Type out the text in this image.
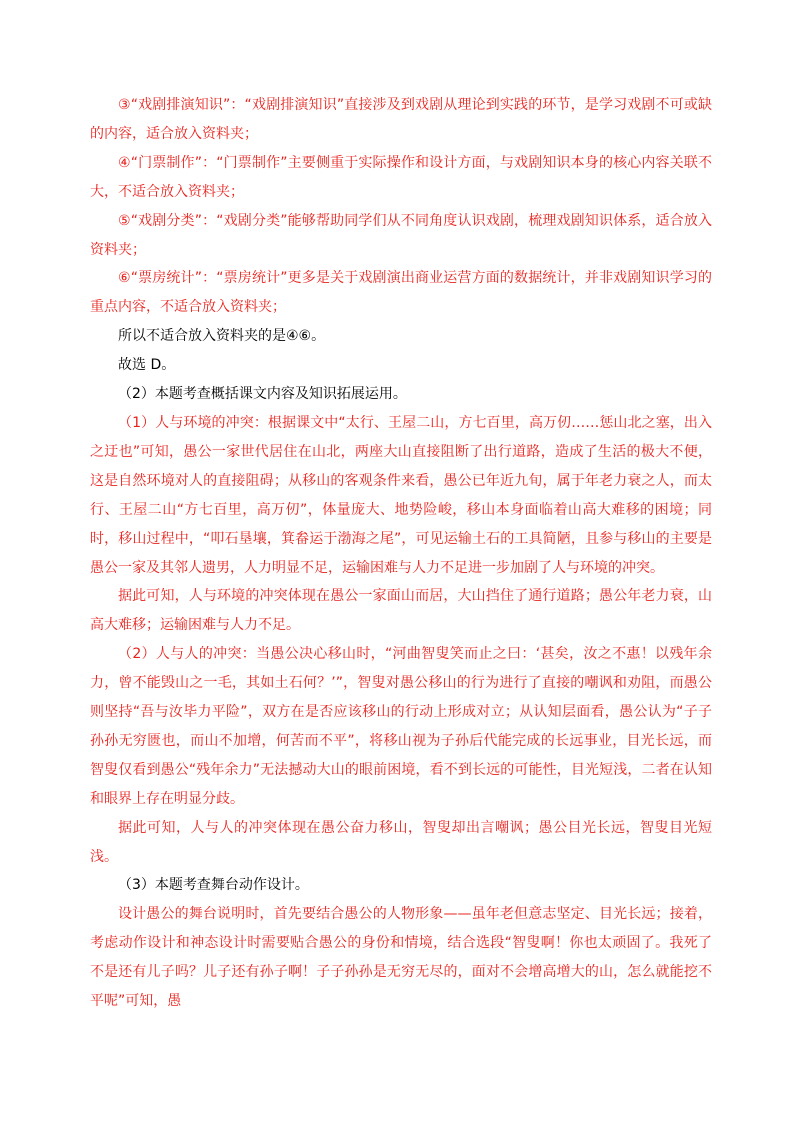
③“戏剧排演知识”：“戏剧排演知识”直接涉及到戏剧从理论到实践的环节，是学习戏剧不可或缺的内容，适合放入资料夹；

④“门票制作”：“门票制作”主要侧重于实际操作和设计方面，与戏剧知识本身的核心内容关联不大，不适合放入资料夹；

⑤“戏剧分类”：“戏剧分类”能够帮助同学们从不同角度认识戏剧，梳理戏剧知识体系，适合放入资料夹；

⑥“票房统计”：“票房统计”更多是关于戏剧演出商业运营方面的数据统计，并非戏剧知识学习的重点内容，不适合放入资料夹；

所以不适合放入资料夹的是④⑥。

故选 D。

（2）本题考查概括课文内容及知识拓展运用。

（1）人与环境的冲突：根据课文中“太行、王屋二山，方七百里，高万仞……惩山北之塞，出入之迂也”可知，愚公一家世代居住在山北，两座大山直接阻断了出行道路，造成了生活的极大不便，这是自然环境对人的直接阻碍；从移山的客观条件来看，愚公已年近九旬，属于年老力衰之人，而太行、王屋二山“方七百里，高万仞”，体量庞大、地势险峻，移山本身面临着山高大难移的困境；同时，移山过程中，“叩石垦壤，箕畚运于渤海之尾”，可见运输土石的工具简陋，且参与移山的主要是愚公一家及其邻人遗男，人力明显不足，运输困难与人力不足进一步加剧了人与环境的冲突。

据此可知，人与环境的冲突体现在愚公一家面山而居，大山挡住了通行道路；愚公年老力衰，山高大难移；运输困难与人力不足。

（2）人与人的冲突：当愚公决心移山时，“河曲智叟笑而止之曰：‘甚矣，汝之不惠！以残年余力，曾不能毁山之一毛，其如土石何？’”，智叟对愚公移山的行为进行了直接的嘲讽和劝阻，而愚公则坚持“吾与汝毕力平险”，双方在是否应该移山的行动上形成对立；从认知层面看，愚公认为“子子孙孙无穷匮也，而山不加增，何苦而不平”，将移山视为子孙后代能完成的长远事业，目光长远，而智叟仅看到愚公“残年余力”无法撼动大山的眼前困境，看不到长远的可能性，目光短浅，二者在认知和眼界上存在明显分歧。

据此可知，人与人的冲突体现在愚公奋力移山，智叟却出言嘲讽；愚公目光长远，智叟目光短浅。

（3）本题考查舞台动作设计。

设计愚公的舞台说明时，首先要结合愚公的人物形象——虽年老但意志坚定、目光长远；接着，考虑动作设计和神态设计时需要贴合愚公的身份和情境，结合选段“智叟啊！你也太顽固了。我死了不是还有儿子吗？儿子还有孙子啊！子子孙孙是无穷无尽的，面对不会增高增大的山，怎么就能挖不平呢”可知，愚
